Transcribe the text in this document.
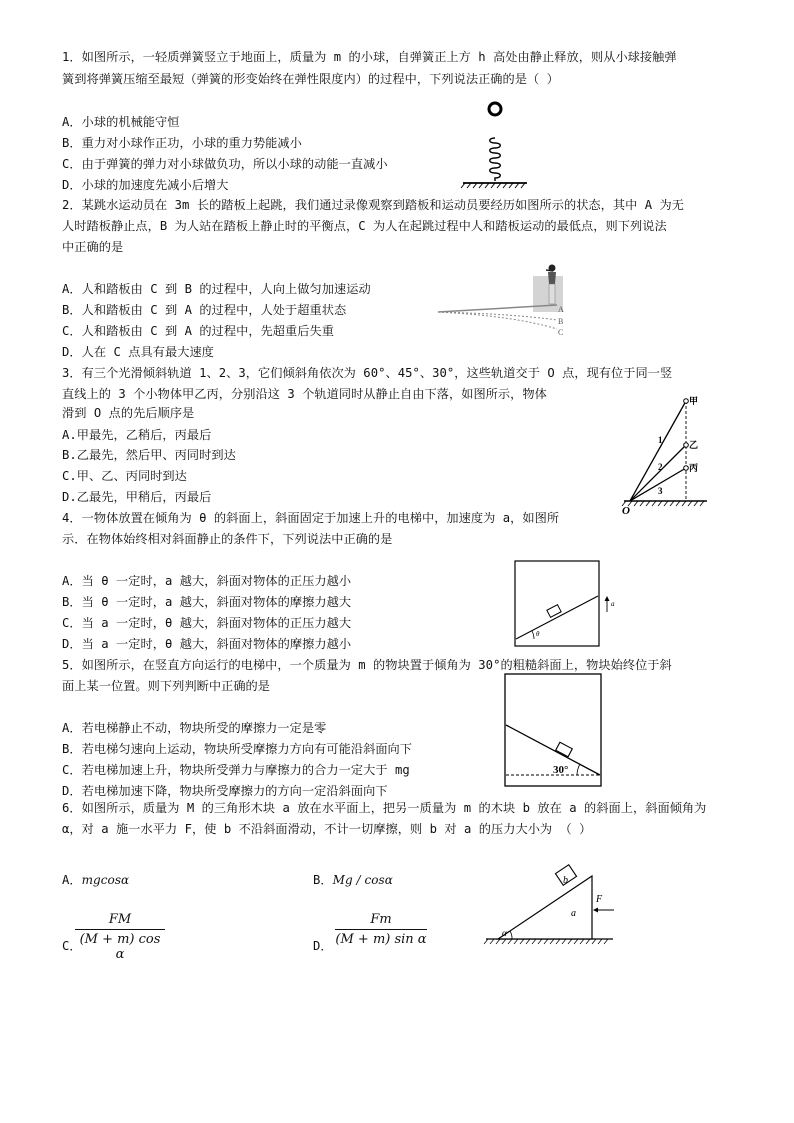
1．如图所示，一轻质弹簧竖立于地面上，质量为 m 的小球，自弹簧正上方 h 高处由静止释放，则从小球接触弹
簧到将弹簧压缩至最短（弹簧的形变始终在弹性限度内）的过程中，下列说法正确的是（ ）
A．小球的机械能守恒
B．重力对小球作正功，小球的重力势能减小
C．由于弹簧的弹力对小球做负功，所以小球的动能一直减小
D．小球的加速度先减小后增大
2．某跳水运动员在 3m 长的踏板上起跳，我们通过录像观察到踏板和运动员要经历如图所示的状态，其中 A 为无
人时踏板静止点，B 为人站在踏板上静止时的平衡点，C 为人在起跳过程中人和踏板运动的最低点，则下列说法
中正确的是
A．人和踏板由 C 到 B 的过程中，人向上做匀加速运动
B．人和踏板由 C 到 A 的过程中，人处于超重状态
C．人和踏板由 C 到 A 的过程中，先超重后失重
D．人在 C 点具有最大速度
A
B
C
3．有三个光滑倾斜轨道 1、2、3，它们倾斜角依次为 60°、45°、30°，这些轨道交于 O 点，现有位于同一竖
直线上的 3 个小物体甲乙丙，分别沿这 3 个轨道同时从静止自由下落，如图所示，物体
滑到 O 点的先后顺序是
A.甲最先，乙稍后，丙最后
B.乙最先，然后甲、丙同时到达
C.甲、乙、丙同时到达
D.乙最先，甲稍后，丙最后
甲
乙
丙
1
2
3
O
4．一物体放置在倾角为 θ 的斜面上，斜面固定于加速上升的电梯中，加速度为 a，如图所
示．在物体始终相对斜面静止的条件下，下列说法中正确的是
A．当 θ 一定时，a 越大，斜面对物体的正压力越小
B．当 θ 一定时，a 越大，斜面对物体的摩擦力越大
C．当 a 一定时，θ 越大，斜面对物体的正压力越大
D．当 a 一定时，θ 越大，斜面对物体的摩擦力越小
θ
a
5．如图所示，在竖直方向运行的电梯中，一个质量为 m 的物块置于倾角为 30°的粗糙斜面上，物块始终位于斜
面上某一位置。则下列判断中正确的是
A．若电梯静止不动，物块所受的摩擦力一定是零
B．若电梯匀速向上运动，物块所受摩擦力方向有可能沿斜面向下
C．若电梯加速上升，物块所受弹力与摩擦力的合力一定大于 mg
D．若电梯加速下降，物块所受摩擦力的方向一定沿斜面向下
30°
6．如图所示，质量为 M 的三角形木块 a 放在水平面上，把另一质量为 m 的木块 b 放在 a 的斜面上，斜面倾角为
α，对 a 施一水平力 F，使 b 不沿斜面滑动，不计一切摩擦，则 b 对 a 的压力大小为 （ ）
A．mgcosα	B．Mg / cosα
C．
$\frac{FM}{\text{(M + m) cos α}}$	D． $\frac{Fm}{\text{(M + m) sin α}}$
b
a
F
α
